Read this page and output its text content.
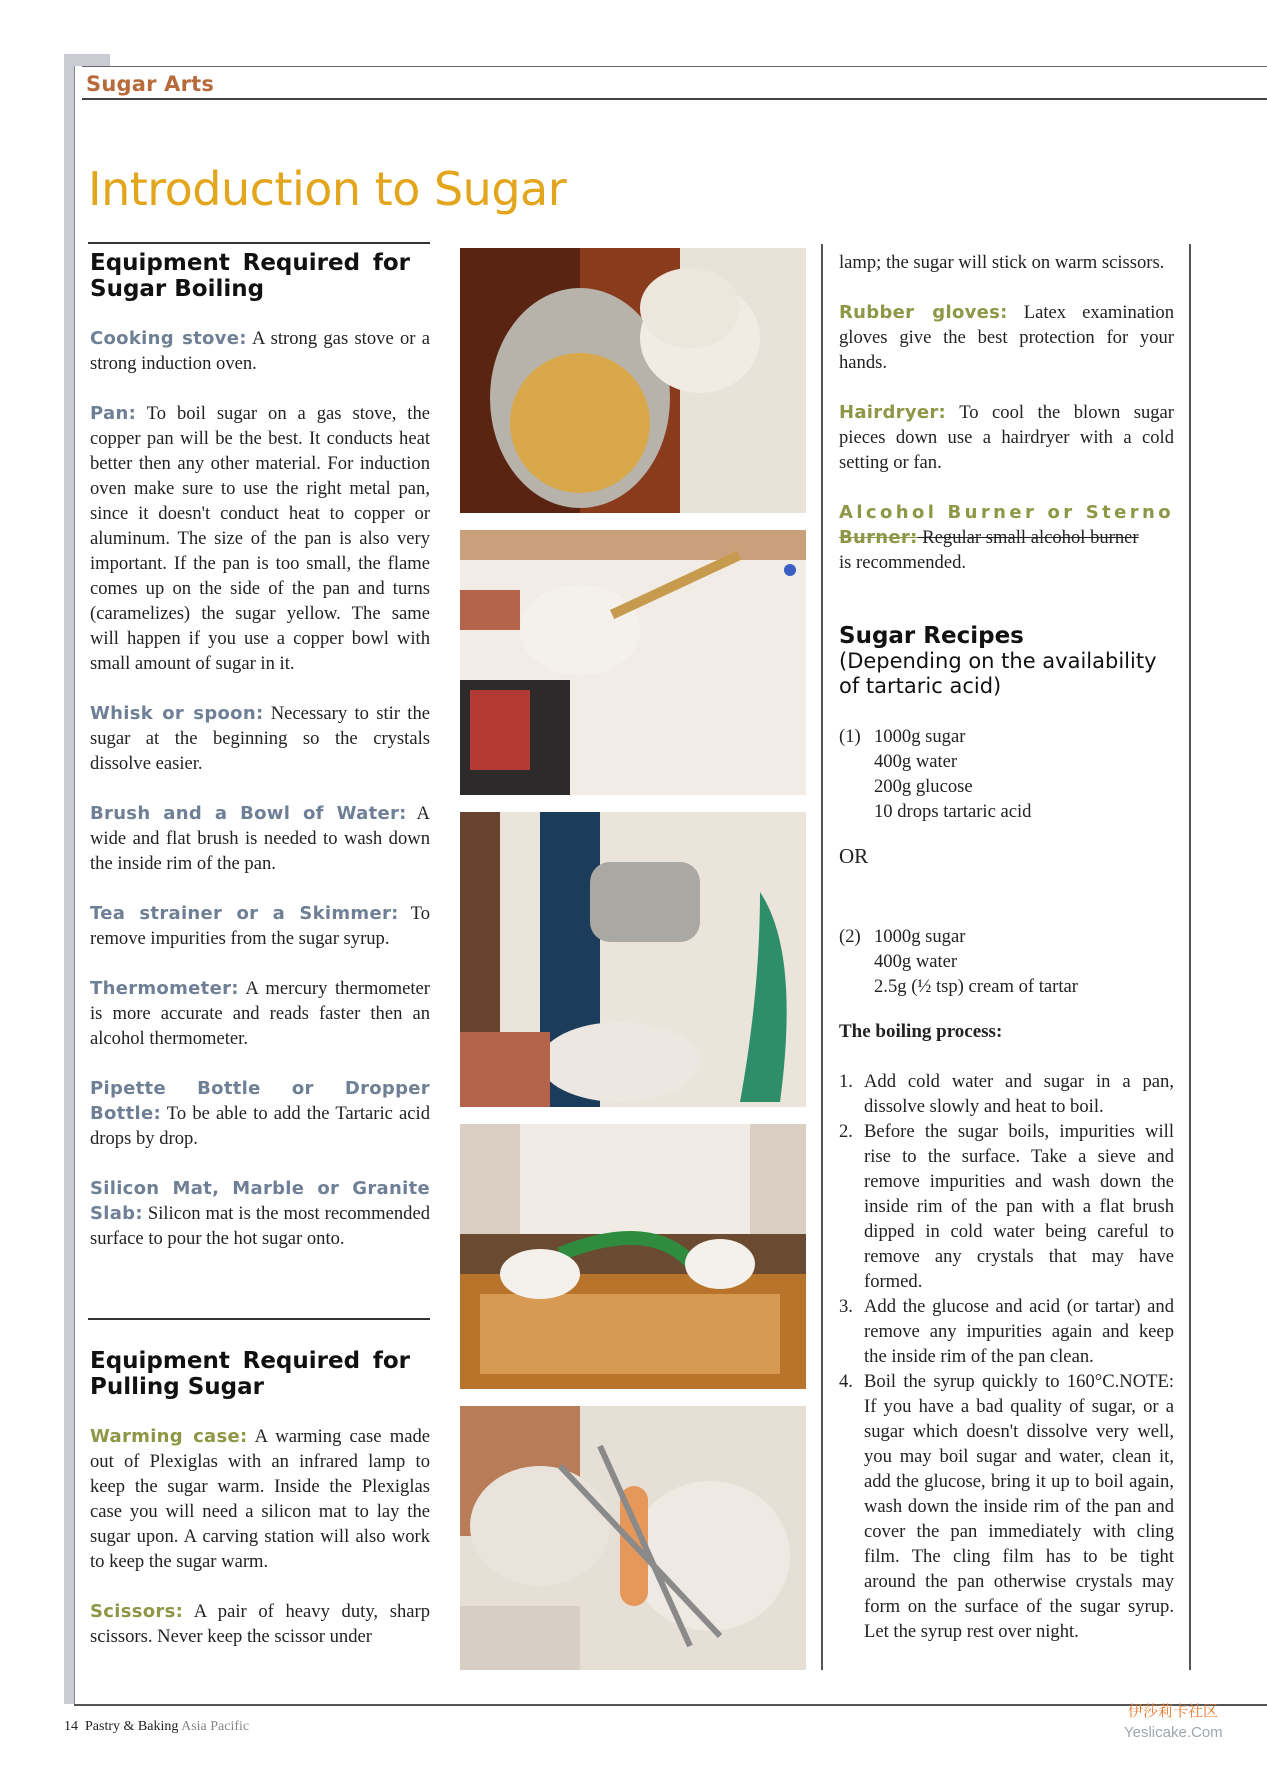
Sugar Arts
Introduction to Sugar
Equipment Required for Sugar Boiling

Cooking stove: A strong gas stove or a strong induction oven.

Pan: To boil sugar on a gas stove, the copper pan will be the best. It conducts heat better then any other material. For induction oven make sure to use the right metal pan, since it doesn't conduct heat to copper or aluminum. The size of the pan is also very important. If the pan is too small, the flame comes up on the side of the pan and turns (caramelizes) the sugar yellow. The same will happen if you use a copper bowl with small amount of sugar in it.

Whisk or spoon: Necessary to stir the sugar at the beginning so the crystals dissolve easier.

Brush and a Bowl of Water: A wide and flat brush is needed to wash down the inside rim of the pan.

Tea strainer or a Skimmer: To remove impurities from the sugar syrup.

Thermometer: A mercury thermometer is more accurate and reads faster then an alcohol thermometer.

Pipette Bottle or Dropper Bottle: To be able to add the Tartaric acid drops by drop.

Silicon Mat, Marble or Granite Slab: Silicon mat is the most recommended surface to pour the hot sugar onto.

Equipment Required for Pulling Sugar

Warming case: A warming case made out of Plexiglas with an infrared lamp to keep the sugar warm. Inside the Plexiglas case you will need a silicon mat to lay the sugar upon. A carving station will also work to keep the sugar warm.

Scissors: A pair of heavy duty, sharp scissors. Never keep the scissor under

lamp; the sugar will stick on warm scissors.

Rubber gloves: Latex examination gloves give the best protection for your hands.

Hairdryer: To cool the blown sugar pieces down use a hairdryer with a cold setting or fan.

Alcohol Burner or Sterno
Burner: Regular small alcohol burner
is recommended.

Sugar Recipes
(Depending on the availability of tartaric acid)
(1) 1000g sugar
400g water
200g glucose
10 drops tartaric acid

OR

(2) 1000g sugar
400g water
2.5g (½ tsp) cream of tartar

The boiling process:

1. Add cold water and sugar in a pan, dissolve slowly and heat to boil.
2. Before the sugar boils, impurities will rise to the surface. Take a sieve and remove impurities and wash down the inside rim of the pan with a flat brush dipped in cold water being careful to remove any crystals that may have formed.
3. Add the glucose and acid (or tartar) and remove any impurities again and keep the inside rim of the pan clean.
4. Boil the syrup quickly to 160°C.NOTE: If you have a bad quality of sugar, or a sugar which doesn't dissolve very well, you may boil sugar and water, clean it, add the glucose, bring it up to boil again, wash down the inside rim of the pan and cover the pan immediately with cling film. The cling film has to be tight around the pan otherwise crystals may form on the surface of the sugar syrup. Let the syrup rest over night.
14 Pastry & Baking Asia Pacific
伊莎莉卡社区
Yeslicake.Com
